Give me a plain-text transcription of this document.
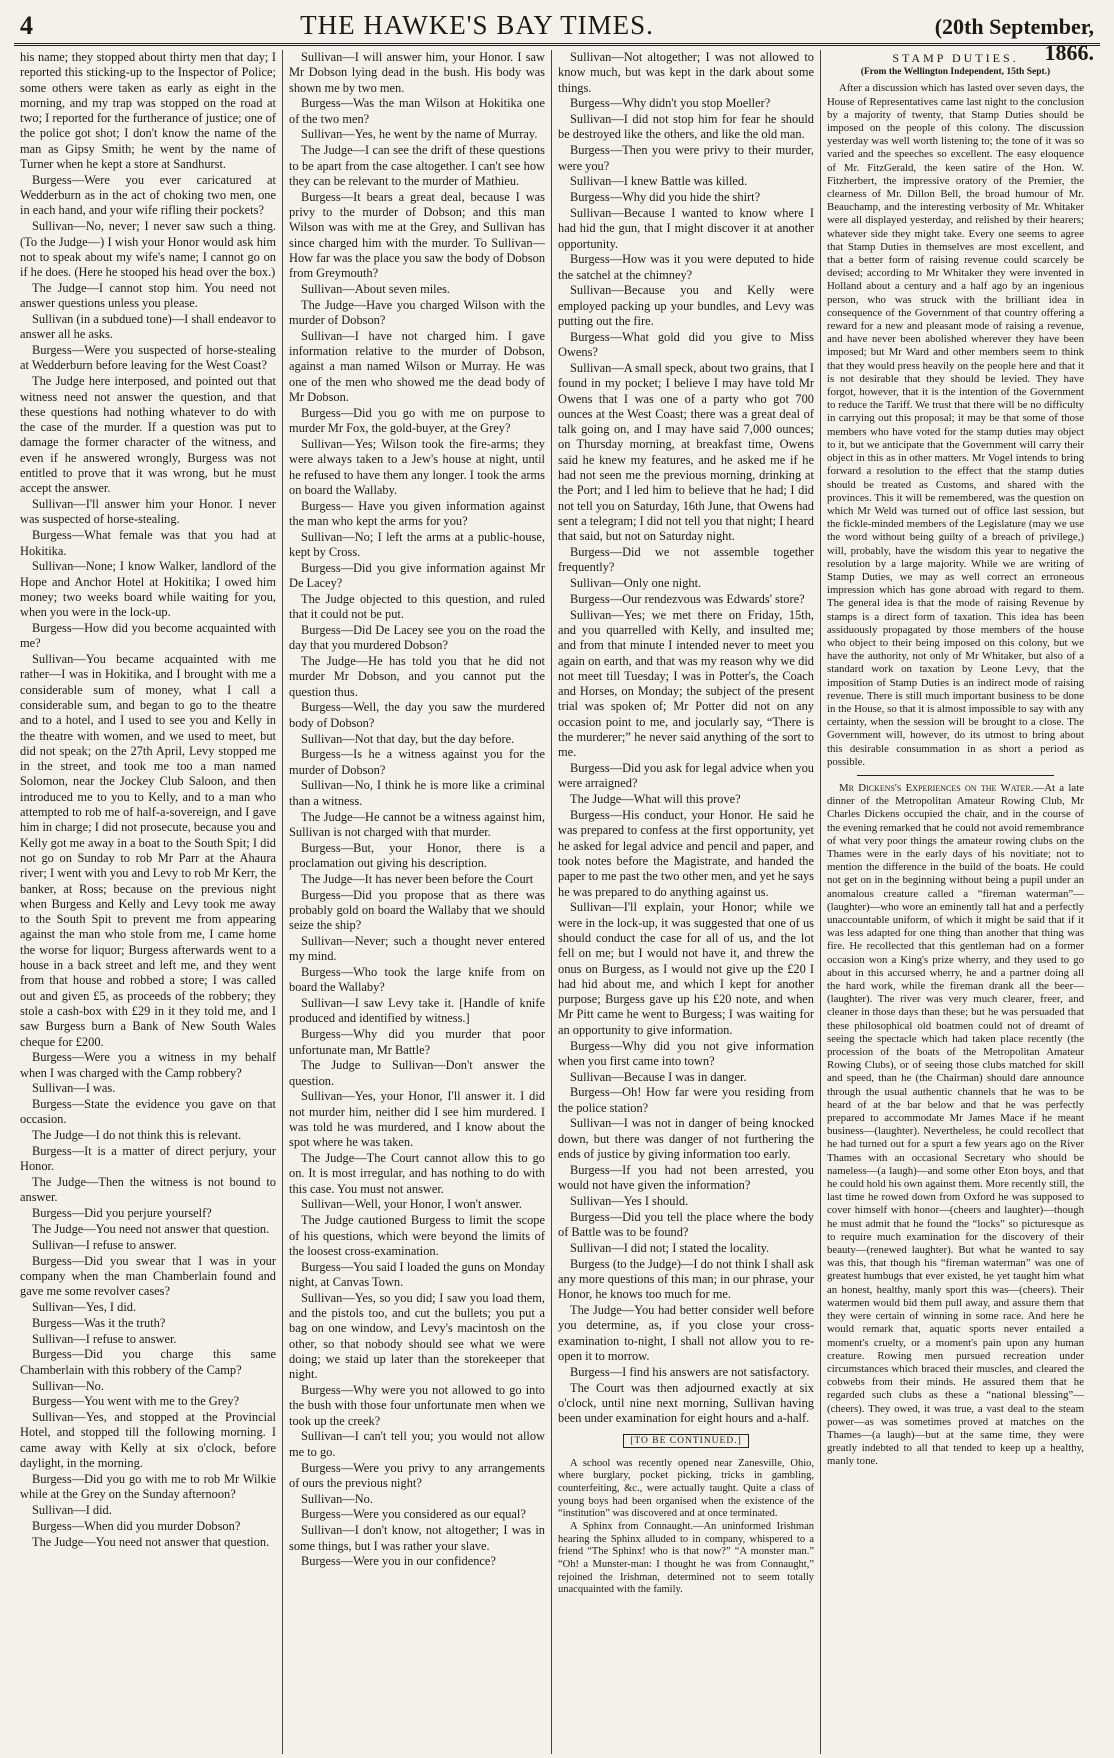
4	THE HAWKE'S BAY TIMES.	(20th September, 1866.

his name; they stopped about thirty men that day; I reported this sticking-up to the Inspector of Police; some others were taken as early as eight in the morning, and my trap was stopped on the road at two; I reported for the furtherance of justice; one of the police got shot; I don't know the name of the man as Gipsy Smith; he went by the name of Turner when he kept a store at Sandhurst.

Burgess—Were you ever caricatured at Wedderburn as in the act of choking two men, one in each hand, and your wife rifling their pockets?

Sullivan—No, never; I never saw such a thing. (To the Judge—) I wish your Honor would ask him not to speak about my wife's name; I cannot go on if he does. (Here he stooped his head over the box.)

The Judge—I cannot stop him. You need not answer questions unless you please.

Sullivan (in a subdued tone)—I shall endeavor to answer all he asks.

Burgess—Were you suspected of horse-stealing at Wedderburn before leaving for the West Coast?

The Judge here interposed, and pointed out that witness need not answer the question, and that these questions had nothing whatever to do with the case of the murder. If a question was put to damage the former character of the witness, and even if he answered wrongly, Burgess was not entitled to prove that it was wrong, but he must accept the answer.

Sullivan—I'll answer him your Honor. I never was suspected of horse-stealing.

Burgess—What female was that you had at Hokitika.

Sullivan—None; I know Walker, landlord of the Hope and Anchor Hotel at Hokitika; I owed him money; two weeks board while waiting for you, when you were in the lock-up.

Burgess—How did you become acquainted with me?

Sullivan—You became acquainted with me rather—I was in Hokitika, and I brought with me a considerable sum of money, what I call a considerable sum, and began to go to the theatre and to a hotel, and I used to see you and Kelly in the theatre with women, and we used to meet, but did not speak; on the 27th April, Levy stopped me in the street, and took me too a man named Solomon, near the Jockey Club Saloon, and then introduced me to you to Kelly, and to a man who attempted to rob me of half-a-sovereign, and I gave him in charge; I did not prosecute, because you and Kelly got me away in a boat to the South Spit; I did not go on Sunday to rob Mr Parr at the Ahaura river; I went with you and Levy to rob Mr Kerr, the banker, at Ross; because on the previous night when Burgess and Kelly and Levy took me away to the South Spit to prevent me from appearing against the man who stole from me, I came home the worse for liquor; Burgess afterwards went to a house in a back street and left me, and they went from that house and robbed a store; I was called out and given £5, as proceeds of the robbery; they stole a cash-box with £29 in it they told me, and I saw Burgess burn a Bank of New South Wales cheque for £200.

Burgess—Were you a witness in my behalf when I was charged with the Camp robbery?

Sullivan—I was.

Burgess—State the evidence you gave on that occasion.

The Judge—I do not think this is relevant.

Burgess—It is a matter of direct perjury, your Honor.

The Judge—Then the witness is not bound to answer.

Burgess—Did you perjure yourself?

The Judge—You need not answer that question.

Sullivan—I refuse to answer.

Burgess—Did you swear that I was in your company when the man Chamberlain found and gave me some revolver cases?

Sullivan—Yes, I did.

Burgess—Was it the truth?

Sullivan—I refuse to answer.

Burgess—Did you charge this same Chamberlain with this robbery of the Camp?

Sullivan—No.

Burgess—You went with me to the Grey?

Sullivan—Yes, and stopped at the Provincial Hotel, and stopped till the following morning. I came away with Kelly at six o'clock, before daylight, in the morning.

Burgess—Did you go with me to rob Mr Wilkie while at the Grey on the Sunday afternoon?

Sullivan—I did.

Burgess—When did you murder Dobson?

The Judge—You need not answer that question.

Sullivan—I will answer him, your Honor. I saw Mr Dobson lying dead in the bush. His body was shown me by two men.

Burgess—Was the man Wilson at Hokitika one of the two men?

Sullivan—Yes, he went by the name of Murray.

The Judge—I can see the drift of these questions to be apart from the case altogether. I can't see how they can be relevant to the murder of Mathieu.

Burgess—It bears a great deal, because I was privy to the murder of Dobson; and this man Wilson was with me at the Grey, and Sullivan has since charged him with the murder. To Sullivan—How far was the place you saw the body of Dobson from Greymouth?

Sullivan—About seven miles.

The Judge—Have you charged Wilson with the murder of Dobson?

Sullivan—I have not charged him. I gave information relative to the murder of Dobson, against a man named Wilson or Murray. He was one of the men who showed me the dead body of Mr Dobson.

Burgess—Did you go with me on purpose to murder Mr Fox, the gold-buyer, at the Grey?

Sullivan—Yes; Wilson took the fire-arms; they were always taken to a Jew's house at night, until he refused to have them any longer. I took the arms on board the Wallaby.

Burgess— Have you given information against the man who kept the arms for you?

Sullivan—No; I left the arms at a public-house, kept by Cross.

Burgess—Did you give information against Mr De Lacey?

The Judge objected to this question, and ruled that it could not be put.

Burgess—Did De Lacey see you on the road the day that you murdered Dobson?

The Judge—He has told you that he did not murder Mr Dobson, and you cannot put the question thus.

Burgess—Well, the day you saw the murdered body of Dobson?

Sullivan—Not that day, but the day before.

Burgess—Is he a witness against you for the murder of Dobson?

Sullivan—No, I think he is more like a criminal than a witness.

The Judge—He cannot be a witness against him, Sullivan is not charged with that murder.

Burgess—But, your Honor, there is a proclamation out giving his description.

The Judge—It has never been before the Court

Burgess—Did you propose that as there was probably gold on board the Wallaby that we should seize the ship?

Sullivan—Never; such a thought never entered my mind.

Burgess—Who took the large knife from on board the Wallaby?

Sullivan—I saw Levy take it. [Handle of knife produced and identified by witness.]

Burgess—Why did you murder that poor unfortunate man, Mr Battle?

The Judge to Sullivan—Don't answer the question.

Sullivan—Yes, your Honor, I'll answer it. I did not murder him, neither did I see him murdered. I was told he was murdered, and I know about the spot where he was taken.

The Judge—The Court cannot allow this to go on. It is most irregular, and has nothing to do with this case. You must not answer.

Sullivan—Well, your Honor, I won't answer.

The Judge cautioned Burgess to limit the scope of his questions, which were beyond the limits of the loosest cross-examination.

Burgess—You said I loaded the guns on Monday night, at Canvas Town.

Sullivan—Yes, so you did; I saw you load them, and the pistols too, and cut the bullets; you put a bag on one window, and Levy's macintosh on the other, so that nobody should see what we were doing; we staid up later than the storekeeper that night.

Burgess—Why were you not allowed to go into the bush with those four unfortunate men when we took up the creek?

Sullivan—I can't tell you; you would not allow me to go.

Burgess—Were you privy to any arrangements of ours the previous night?

Sullivan—No.

Burgess—Were you considered as our equal?

Sullivan—I don't know, not altogether; I was in some things, but I was rather your slave.

Burgess—Were you in our confidence?

Sullivan—Not altogether; I was not allowed to know much, but was kept in the dark about some things.

Burgess—Why didn't you stop Moeller?

Sullivan—I did not stop him for fear he should be destroyed like the others, and like the old man.

Burgess—Then you were privy to their murder, were you?

Sullivan—I knew Battle was killed.

Burgess—Why did you hide the shirt?

Sullivan—Because I wanted to know where I had hid the gun, that I might discover it at another opportunity.

Burgess—How was it you were deputed to hide the satchel at the chimney?

Sullivan—Because you and Kelly were employed packing up your bundles, and Levy was putting out the fire.

Burgess—What gold did you give to Miss Owens?

Sullivan—A small speck, about two grains, that I found in my pocket; I believe I may have told Mr Owens that I was one of a party who got 700 ounces at the West Coast; there was a great deal of talk going on, and I may have said 7,000 ounces; on Thursday morning, at breakfast time, Owens said he knew my features, and he asked me if he had not seen me the previous morning, drinking at the Port; and I led him to believe that he had; I did not tell you on Saturday, 16th June, that Owens had sent a telegram; I did not tell you that night; I heard that said, but not on Saturday night.

Burgess—Did we not assemble together frequently?

Sullivan—Only one night.

Burgess—Our rendezvous was Edwards' store?

Sullivan—Yes; we met there on Friday, 15th, and you quarrelled with Kelly, and insulted me; and from that minute I intended never to meet you again on earth, and that was my reason why we did not meet till Tuesday; I was in Potter's, the Coach and Horses, on Monday; the subject of the present trial was spoken of; Mr Potter did not on any occasion point to me, and jocularly say, “There is the murderer;” he never said anything of the sort to me.

Burgess—Did you ask for legal advice when you were arraigned?

The Judge—What will this prove?

Burgess—His conduct, your Honor. He said he was prepared to confess at the first opportunity, yet he asked for legal advice and pencil and paper, and took notes before the Magistrate, and handed the paper to me past the two other men, and yet he says he was prepared to do anything against us.

Sullivan—I'll explain, your Honor; while we were in the lock-up, it was suggested that one of us should conduct the case for all of us, and the lot fell on me; but I would not have it, and threw the onus on Burgess, as I would not give up the £20 I had hid about me, and which I kept for another purpose; Burgess gave up his £20 note, and when Mr Pitt came he went to Burgess; I was waiting for an opportunity to give information.

Burgess—Why did you not give information when you first came into town?

Sullivan—Because I was in danger.

Burgess—Oh! How far were you residing from the police station?

Sullivan—I was not in danger of being knocked down, but there was danger of not furthering the ends of justice by giving information too early.

Burgess—If you had not been arrested, you would not have given the information?

Sullivan—Yes I should.

Burgess—Did you tell the place where the body of Battle was to be found?

Sullivan—I did not; I stated the locality.

Burgess (to the Judge)—I do not think I shall ask any more questions of this man; in our phrase, your Honor, he knows too much for me.

The Judge—You had better consider well before you determine, as, if you close your cross-examination to-night, I shall not allow you to re-open it to morrow.

Burgess—I find his answers are not satisfactory.

The Court was then adjourned exactly at six o'clock, until nine next morning, Sullivan having been under examination for eight hours and a-half.

[TO BE CONTINUED.]

A school was recently opened near Zanesville, Ohio, where burglary, pocket picking, tricks in gambling, counterfeiting, &c., were actually taught. Quite a class of young boys had been organised when the existence of the “institution” was discovered and at once terminated.

A Sphinx from Connaught.—An uninformed Irishman hearing the Sphinx alluded to in company, whispered to a friend “The Sphinx! who is that now?” “A monster man.” “Oh! a Munster-man: I thought he was from Connaught,” rejoined the Irishman, determined not to seem totally unacquainted with the family.

STAMP DUTIES.
(From the Wellington Independent, 15th Sept.)

After a discussion which has lasted over seven days, the House of Representatives came last night to the conclusion by a majority of twenty, that Stamp Duties should be imposed on the people of this colony. The discussion yesterday was well worth listening to; the tone of it was so varied and the speeches so excellent. The easy eloquence of Mr. FitzGerald, the keen satire of the Hon. W. Fitzherbert, the impressive oratory of the Premier, the clearness of Mr. Dillon Bell, the broad humour of Mr. Beauchamp, and the interesting verbosity of Mr. Whitaker were all displayed yesterday, and relished by their hearers; whatever side they might take. Every one seems to agree that Stamp Duties in themselves are most excellent, and that a better form of raising revenue could scarcely be devised; according to Mr Whitaker they were invented in Holland about a century and a half ago by an ingenious person, who was struck with the brilliant idea in consequence of the Government of that country offering a reward for a new and pleasant mode of raising a revenue, and have never been abolished wherever they have been imposed; but Mr Ward and other members seem to think that they would press heavily on the people here and that it is not desirable that they should be levied. They have forgot, however, that it is the intention of the Government to reduce the Tariff. We trust that there will be no difficulty in carrying out this proposal; it may be that some of those members who have voted for the stamp duties may object to it, but we anticipate that the Government will carry their object in this as in other matters. Mr Vogel intends to bring forward a resolution to the effect that the stamp duties should be treated as Customs, and shared with the provinces. This it will be remembered, was the question on which Mr Weld was turned out of office last session, but the fickle-minded members of the Legislature (may we use the word without being guilty of a breach of privilege,) will, probably, have the wisdom this year to negative the resolution by a large majority. While we are writing of Stamp Duties, we may as well correct an erroneous impression which has gone abroad with regard to them. The general idea is that the mode of raising Revenue by stamps is a direct form of taxation. This idea has been assiduously propagated by those members of the house who object to their being imposed on this colony, but we have the authority, not only of Mr Whitaker, but also of a standard work on taxation by Leone Levy, that the imposition of Stamp Duties is an indirect mode of raising revenue. There is still much important business to be done in the House, so that it is almost impossible to say with any certainty, when the session will be brought to a close. The Government will, however, do its utmost to bring about this desirable consummation in as short a period as possible.

Mr Dickens's Experiences on the Water.—At a late dinner of the Metropolitan Amateur Rowing Club, Mr Charles Dickens occupied the chair, and in the course of the evening remarked that he could not avoid remembrance of what very poor things the amateur rowing clubs on the Thames were in the early days of his novitiate; not to mention the difference in the build of the boats. He could not get on in the beginning without being a pupil under an anomalous creature called a “fireman waterman”—(laughter)—who wore an eminently tall hat and a perfectly unaccountable uniform, of which it might be said that if it was less adapted for one thing than another that thing was fire. He recollected that this gentleman had on a former occasion won a King's prize wherry, and they used to go about in this accursed wherry, he and a partner doing all the hard work, while the fireman drank all the beer—(laughter). The river was very much clearer, freer, and cleaner in those days than these; but he was persuaded that these philosophical old boatmen could not of dreamt of seeing the spectacle which had taken place recently (the procession of the boats of the Metropolitan Amateur Rowing Clubs), or of seeing those clubs matched for skill and speed, than he (the Chairman) should dare announce through the usual authentic channels that he was to be heard of at the bar below and that he was perfectly prepared to accommodate Mr James Mace if he meant business—(laughter). Nevertheless, he could recollect that he had turned out for a spurt a few years ago on the River Thames with an occasional Secretary who should be nameless—(a laugh)—and some other Eton boys, and that he could hold his own against them. More recently still, the last time he rowed down from Oxford he was supposed to cover himself with honor—(cheers and laughter)—though he must admit that he found the “locks” so picturesque as to require much examination for the discovery of their beauty—(renewed laughter). But what he wanted to say was this, that though his “fireman waterman” was one of greatest humbugs that ever existed, he yet taught him what an honest, healthy, manly sport this was—(cheers). Their watermen would bid them pull away, and assure them that they were certain of winning in some race. And here he would remark that, aquatic sports never entailed a moment's cruelty, or a moment's pain upon any human creature. Rowing men pursued recreation under circumstances which braced their muscles, and cleared the cobwebs from their minds. He assured them that he regarded such clubs as these a “national blessing”—(cheers). They owed, it was true, a vast deal to the steam power—as was sometimes proved at matches on the Thames—(a laugh)—but at the same time, they were greatly indebted to all that tended to keep up a healthy, manly tone.
